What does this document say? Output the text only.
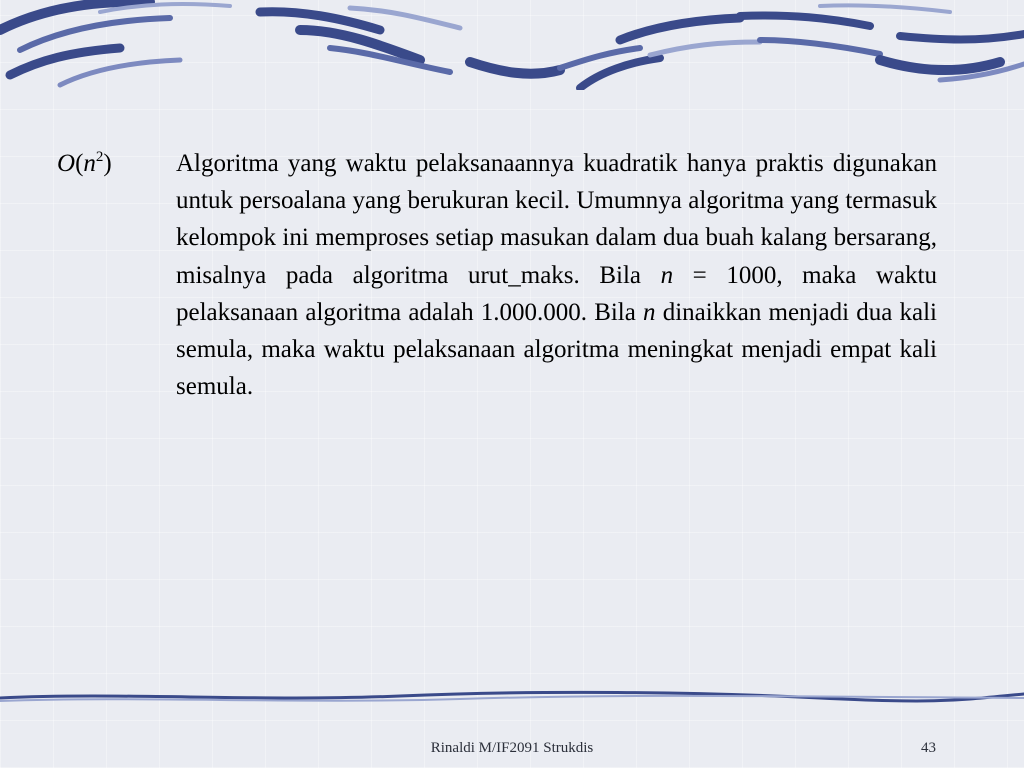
$O(n^2)$	Algoritma yang waktu pelaksanaannya kuadratik hanya praktis digunakan untuk persoalana yang berukuran kecil. Umumnya algoritma yang termasuk kelompok ini memproses setiap masukan dalam dua buah kalang bersarang, misalnya pada algoritma urut_maks. Bila n = 1000, maka waktu pelaksanaan algoritma adalah 1.000.000. Bila n dinaikkan menjadi dua kali semula, maka waktu pelaksanaan algoritma meningkat menjadi empat kali semula.
Rinaldi M/IF2091 Strukdis	43
